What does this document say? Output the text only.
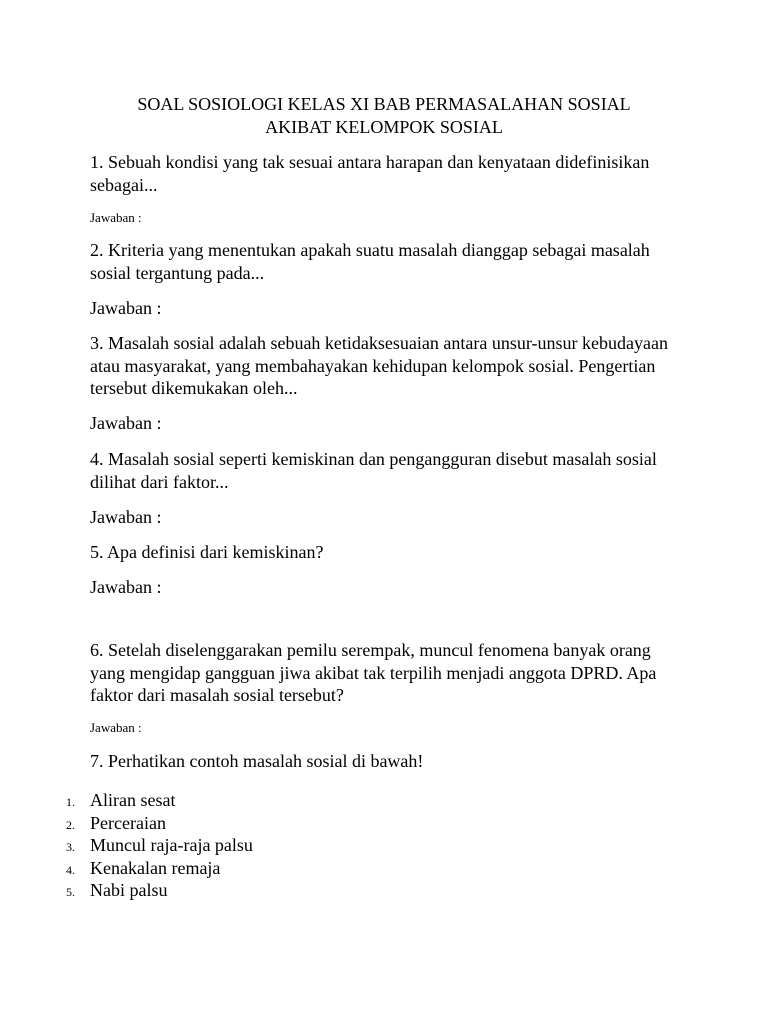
SOAL SOSIOLOGI KELAS XI BAB PERMASALAHAN SOSIAL
AKIBAT KELOMPOK SOSIAL
1. Sebuah kondisi yang tak sesuai antara harapan dan kenyataan didefinisikan sebagai...
Jawaban :
2. Kriteria yang menentukan apakah suatu masalah dianggap sebagai masalah sosial tergantung pada...
Jawaban :
3. Masalah sosial adalah sebuah ketidaksesuaian antara unsur-unsur kebudayaan atau masyarakat, yang membahayakan kehidupan kelompok sosial. Pengertian tersebut dikemukakan oleh...
Jawaban :
4. Masalah sosial seperti kemiskinan dan pengangguran disebut masalah sosial dilihat dari faktor...
Jawaban :
5. Apa definisi dari kemiskinan?
Jawaban :
6. Setelah diselenggarakan pemilu serempak, muncul fenomena banyak orang yang mengidap gangguan jiwa akibat tak terpilih menjadi anggota DPRD. Apa faktor dari masalah sosial tersebut?
Jawaban :
7. Perhatikan contoh masalah sosial di bawah!
1. Aliran sesat
2. Perceraian
3. Muncul raja-raja palsu
4. Kenakalan remaja
5. Nabi palsu
